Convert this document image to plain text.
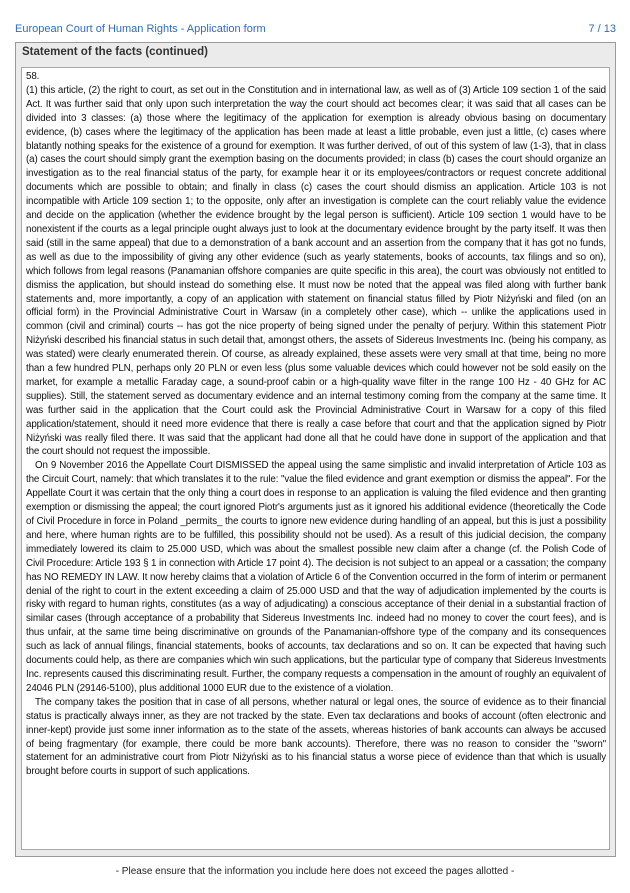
European Court of Human Rights - Application form	7 / 13
Statement of the facts (continued)
58.

(1) this article, (2) the right to court, as set out in the Constitution and in international law, as well as of (3) Article 109 section 1 of the said Act. It was further said that only upon such interpretation the way the court should act becomes clear; it was said that all cases can be divided into 3 classes: (a) those where the legitimacy of the application for exemption is already obvious basing on documentary evidence, (b) cases where the legitimacy of the application has been made at least a little probable, even just a little, (c) cases where blatantly nothing speaks for the existence of a ground for exemption. It was further derived, of out of this system of law (1-3), that in class (a) cases the court should simply grant the exemption basing on the documents provided; in class (b) cases the court should organize an investigation as to the real financial status of the party, for example hear it or its employees/contractors or request concrete additional documents which are possible to obtain; and finally in class (c) cases the court should dismiss an application. Article 103 is not incompatible with Article 109 section 1; to the opposite, only after an investigation is complete can the court reliably value the evidence and decide on the application (whether the evidence brought by the legal person is sufficient). Article 109 section 1 would have to be nonexistent if the courts as a legal principle ought always just to look at the documentary evidence brought by the party itself. It was then said (still in the same appeal) that due to a demonstration of a bank account and an assertion from the company that it has got no funds, as well as due to the impossibility of giving any other evidence (such as yearly statements, books of accounts, tax filings and so on), which follows from legal reasons (Panamanian offshore companies are quite specific in this area), the court was obviously not entitled to dismiss the application, but should instead do something else. It must now be noted that the appeal was filed along with further bank statements and, more importantly, a copy of an application with statement on financial status filled by Piotr Niżyński and filed (on an official form) in the Provincial Administrative Court in Warsaw (in a completely other case), which -- unlike the applications used in common (civil and criminal) courts -- has got the nice property of being signed under the penalty of perjury. Within this statement Piotr Niżyński described his financial status in such detail that, amongst others, the assets of Sidereus Investments Inc. (being his company, as was stated) were clearly enumerated therein. Of course, as already explained, these assets were very small at that time, being no more than a few hundred PLN, perhaps only 20 PLN or even less (plus some valuable devices which could however not be sold easily on the market, for example a metallic Faraday cage, a sound-proof cabin or a high-quality wave filter in the range 100 Hz - 40 GHz for AC supplies). Still, the statement served as documentary evidence and an internal testimony coming from the company at the same time. It was further said in the application that the Court could ask the Provincial Administrative Court in Warsaw for a copy of this filed application/statement, should it need more evidence that there is really a case before that court and that the application signed by Piotr Niżyński was really filed there. It was said that the applicant had done all that he could have done in support of the application and that the court should not request the impossible.

On 9 November 2016 the Appellate Court DISMISSED the appeal using the same simplistic and invalid interpretation of Article 103 as the Circuit Court, namely: that which translates it to the rule: "value the filed evidence and grant exemption or dismiss the appeal". For the Appellate Court it was certain that the only thing a court does in response to an application is valuing the filed evidence and then granting exemption or dismissing the appeal; the court ignored Piotr's arguments just as it ignored his additional evidence (theoretically the Code of Civil Procedure in force in Poland _permits_ the courts to ignore new evidence during handling of an appeal, but this is just a possibility and here, where human rights are to be fulfilled, this possibility should not be used). As a result of this judicial decision, the company immediately lowered its claim to 25.000 USD, which was about the smallest possible new claim after a change (cf. the Polish Code of Civil Procedure: Article 193 § 1 in connection with Article 17 point 4). The decision is not subject to an appeal or a cassation; the company has NO REMEDY IN LAW. It now hereby claims that a violation of Article 6 of the Convention occurred in the form of interim or permanent denial of the right to court in the extent exceeding a claim of 25.000 USD and that the way of adjudication implemented by the courts is risky with regard to human rights, constitutes (as a way of adjudicating) a conscious acceptance of their denial in a substantial fraction of similar cases (through acceptance of a probability that Sidereus Investments Inc. indeed had no money to cover the court fees), and is thus unfair, at the same time being discriminative on grounds of the Panamanian-offshore type of the company and its consequences such as lack of annual filings, financial statements, books of accounts, tax declarations and so on. It can be expected that having such documents could help, as there are companies which win such applications, but the particular type of company that Sidereus Investments Inc. represents caused this discriminating result. Further, the company requests a compensation in the amount of roughly an equivalent of 24046 PLN (29146-5100), plus additional 1000 EUR due to the existence of a violation.

The company takes the position that in case of all persons, whether natural or legal ones, the source of evidence as to their financial status is practically always inner, as they are not tracked by the state. Even tax declarations and books of account (often electronic and inner-kept) provide just some inner information as to the state of the assets, whereas histories of bank accounts can always be accused of being fragmentary (for example, there could be more bank accounts). Therefore, there was no reason to consider the "sworn" statement for an administrative court from Piotr Niżyński as to his financial status a worse piece of evidence than that which is usually brought before courts in support of such applications.

- Please ensure that the information you include here does not exceed the pages allotted -
